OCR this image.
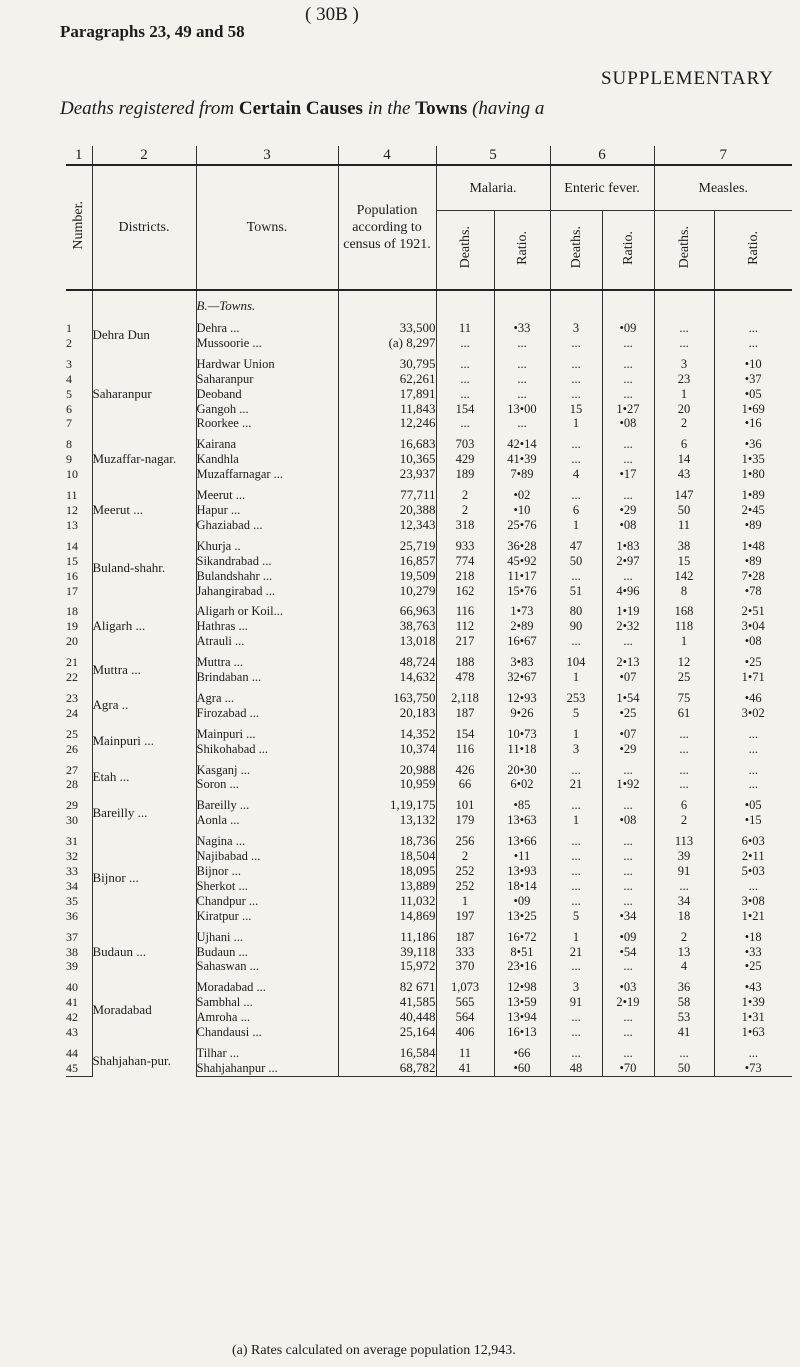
Paragraphs 23, 49 and 58
( 30B )
SUPPLEMENTARY
Deaths registered from Certain Causes in the Towns (having a
1	2	3	4	5		6		7	
Number.	Districts.	Towns.	Population according to census of 1921.	Malaria.		Enteric fever.		Measles.	
				Deaths.	Ratio.	Deaths.	Ratio.	Deaths.	Ratio.
		B.—Towns.							
1	Dehra Dun	Dehra ...	33,500	11	•33	3	•09	...	...
2		Mussoorie ...	(a) 8,297	...	...	...	...	...	...

3	Saharanpur	Hardwar Union	30,795	...	...	...	...	3	•10
4		Saharanpur	62,261	...	...	...	...	23	•37
5		Deoband	17,891	...	...	...	...	1	•05
6		Gangoh ...	11,843	154	13•00	15	1•27	20	1•69
7		Roorkee ...	12,246	...	...	1	•08	2	•16

8	Muzaffar-nagar.	Kairana	16,683	703	42•14	...	...	6	•36
9		Kandhla	10,365	429	41•39	...	...	14	1•35
10		Muzaffarnagar ...	23,937	189	7•89	4	•17	43	1•80

11	Meerut ...	Meerut ...	77,711	2	•02	...	...	147	1•89
12		Hapur ...	20,388	2	•10	6	•29	50	2•45
13		Ghaziabad ...	12,343	318	25•76	1	•08	11	•89

14	Buland-shahr.	Khurja ..	25,719	933	36•28	47	1•83	38	1•48
15		Sikandrabad ...	16,857	774	45•92	50	2•97	15	•89
16		Bulandshahr ...	19,509	218	11•17	...	...	142	7•28
17		Jahangirabad ...	10,279	162	15•76	51	4•96	8	•78

18	Aligarh ...	Aligarh or Koil...	66,963	116	1•73	80	1•19	168	2•51
19		Hathras ...	38,763	112	2•89	90	2•32	118	3•04
20		Atrauli ...	13,018	217	16•67	...	...	1	•08

21	Muttra ...	Muttra ...	48,724	188	3•83	104	2•13	12	•25
22		Brindaban ...	14,632	478	32•67	1	•07	25	1•71

23	Agra ..	Agra ...	163,750	2,118	12•93	253	1•54	75	•46
24		Firozabad ...	20,183	187	9•26	5	•25	61	3•02

25	Mainpuri ...	Mainpuri ...	14,352	154	10•73	1	•07	...	...
26		Shikohabad ...	10,374	116	11•18	3	•29	...	...

27	Etah ...	Kasganj ...	20,988	426	20•30	...	...	...	...
28		Soron ...	10,959	66	6•02	21	1•92	...	...

29	Bareilly ...	Bareilly ...	1,19,175	101	•85	...	...	6	•05
30		Aonla ...	13,132	179	13•63	1	•08	2	•15

31	Bijnor ...	Nagina ...	18,736	256	13•66	...	...	113	6•03
32		Najibabad ...	18,504	2	•11	...	...	39	2•11
33		Bijnor ...	18,095	252	13•93	...	...	91	5•03
34		Sherkot ...	13,889	252	18•14	...	...	...	...
35		Chandpur ...	11,032	1	•09	...	...	34	3•08
36		Kiratpur ...	14,869	197	13•25	5	•34	18	1•21

37	Budaun ...	Ujhani ...	11,186	187	16•72	1	•09	2	•18
38		Budaun ...	39,118	333	8•51	21	•54	13	•33
39		Sahaswan ...	15,972	370	23•16	...	...	4	•25

40	Moradabad	Moradabad ...	82 671	1,073	12•98	3	•03	36	•43
41		Sambhal ...	41,585	565	13•59	91	2•19	58	1•39
42		Amroha ...	40,448	564	13•94	...	...	53	1•31
43		Chandausi ...	25,164	406	16•13	...	...	41	1•63

44	Shahjahan-pur.	Tilhar ...	16,584	11	•66	...	...	...	...
45		Shahjahanpur ...	68,782	41	•60	48	•70	50	•73
(a) Rates calculated on average population 12,943.
